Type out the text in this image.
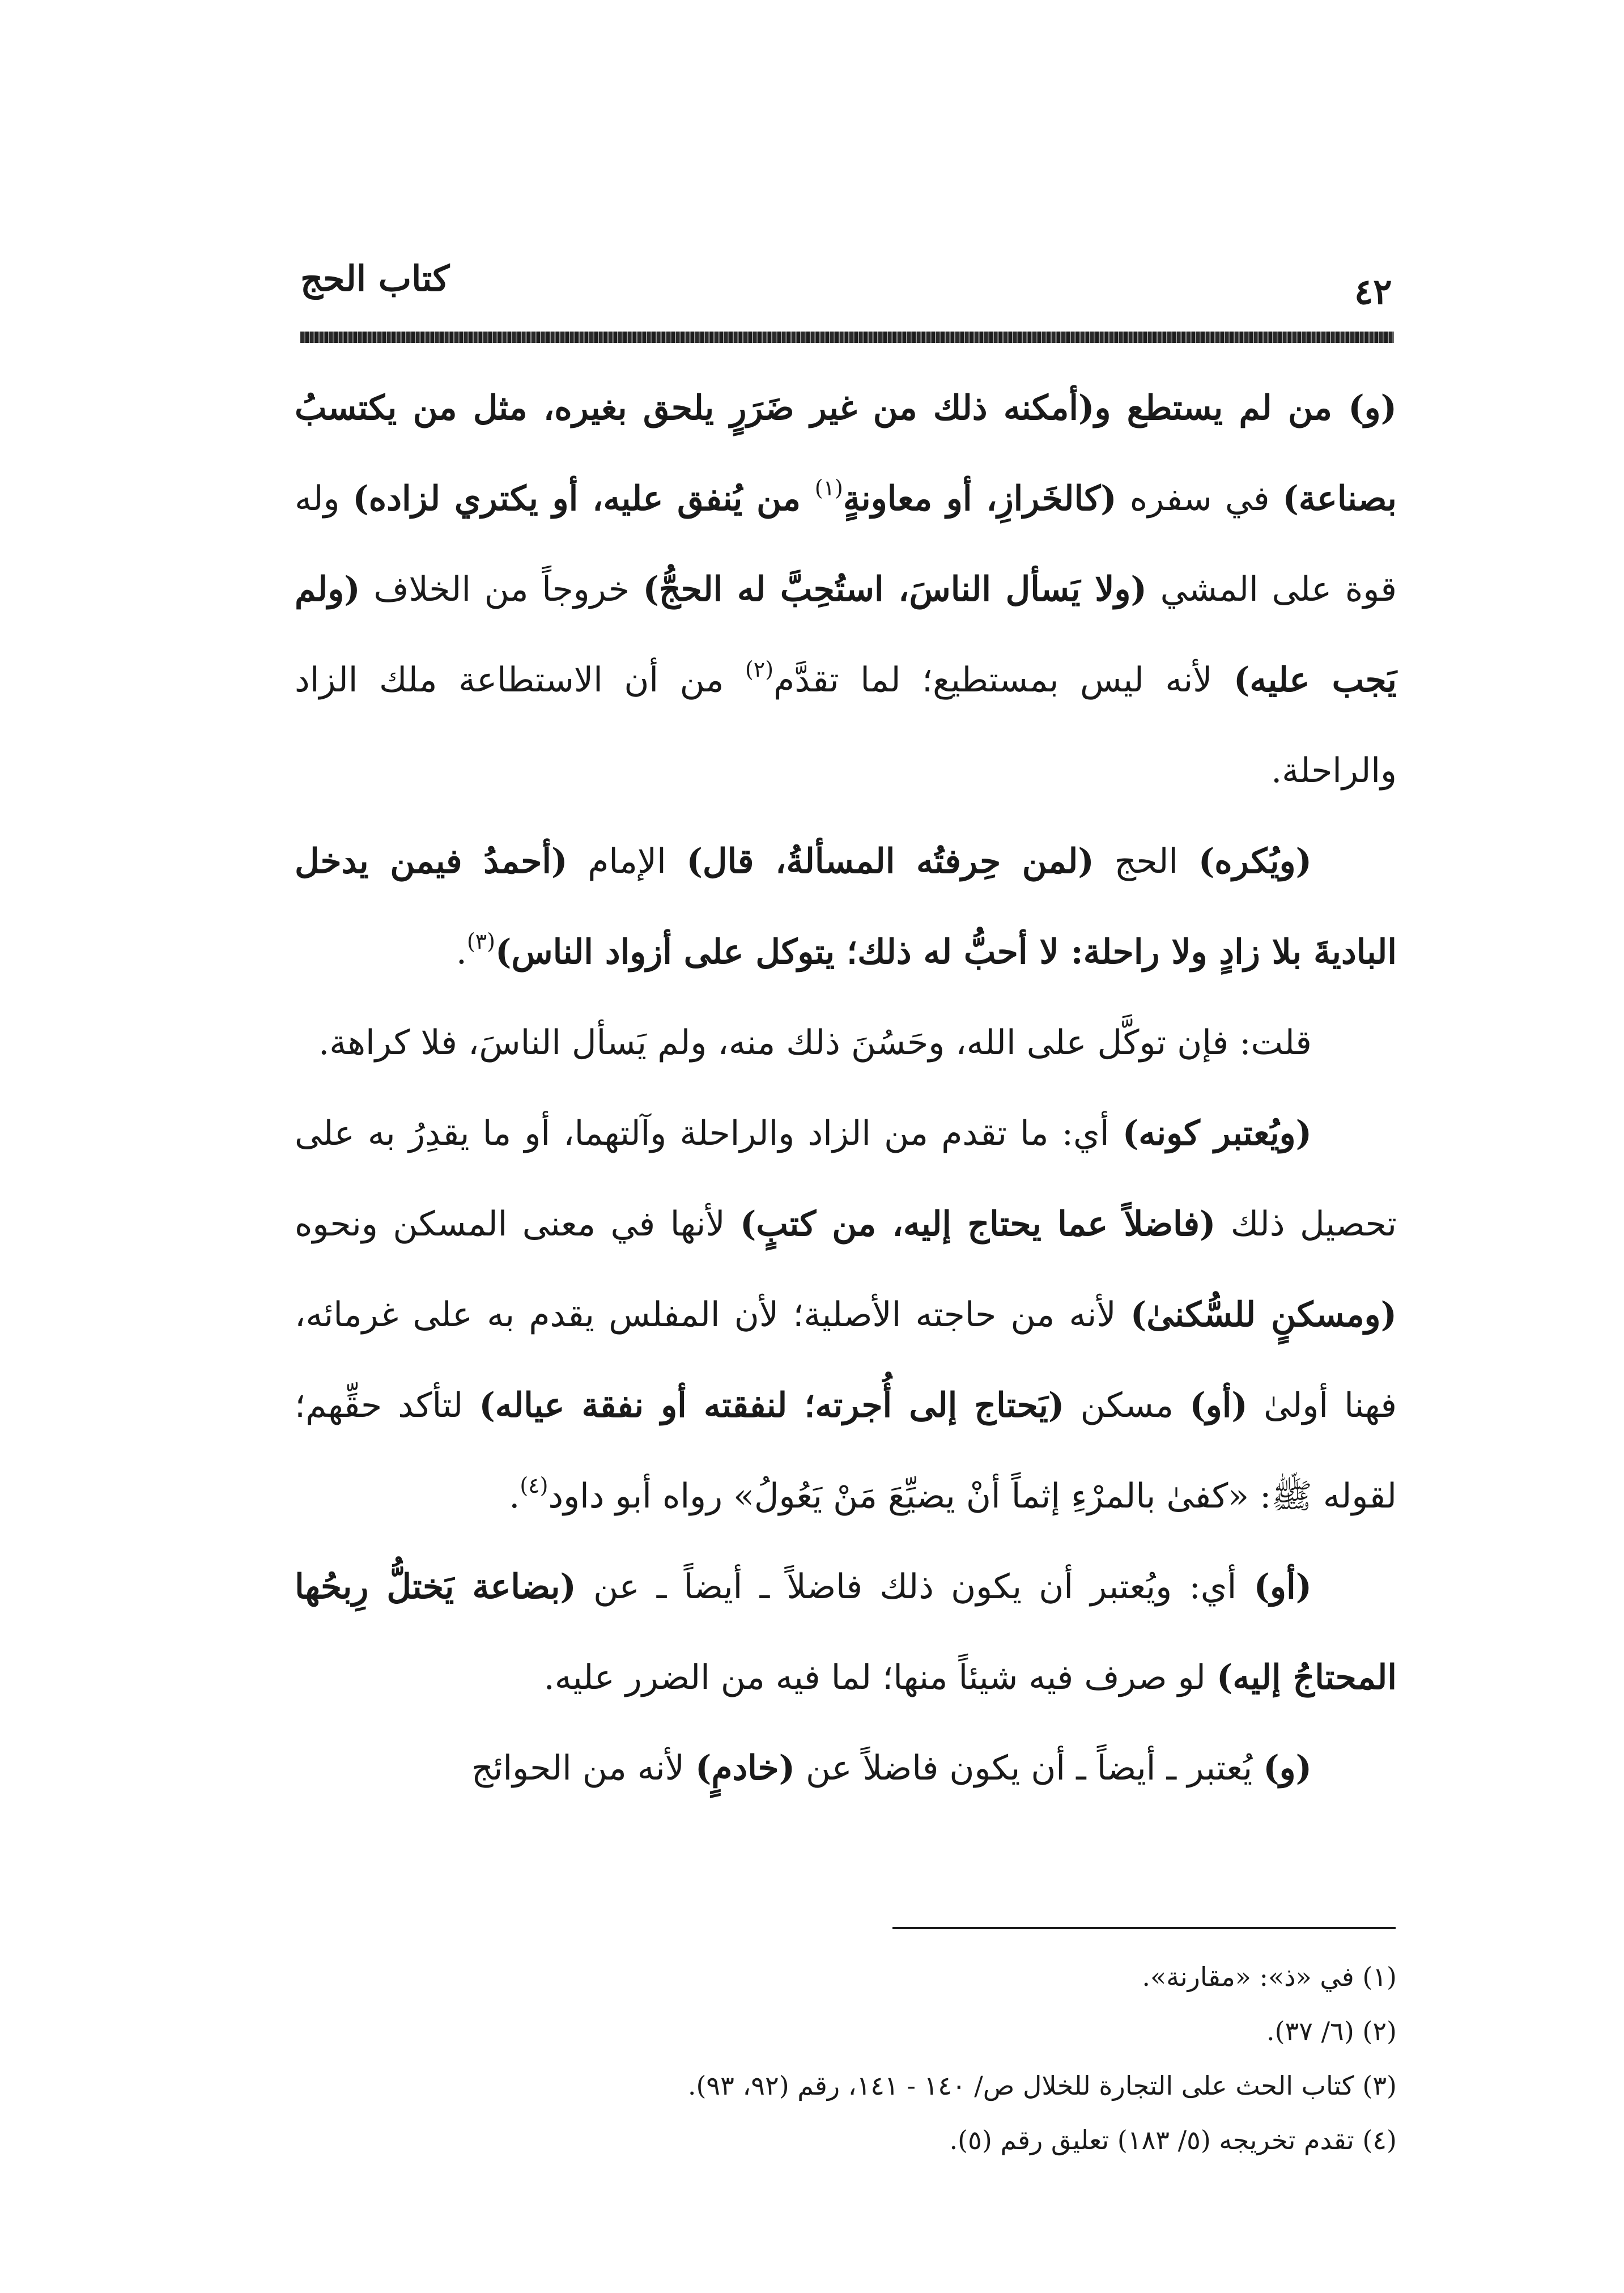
كتاب الحج	٤٢

(و) من لم يستطع و(أمكنه ذلك من غير ضَرَرٍ يلحق بغيره، مثل من يكتسبُ بصناعة) في سفره (كالخَرازِ، أو معاونةٍ$^{(١)}$ من يُنفق عليه، أو يكتري لزاده) وله قوة على المشي (ولا يَسأل الناسَ، استُحِبَّ له الحجُّ) خروجاً من الخلاف (ولم يَجب عليه) لأنه ليس بمستطيع؛ لما تقدَّم$^{(٢)}$ من أن الاستطاعة ملك الزاد والراحلة.

(ويُكره) الحج (لمن حِرفتُه المسألةُ، قال) الإمام (أحمدُ فيمن يدخل الباديةَ بلا زادٍ ولا راحلة: لا أحبُّ له ذلك؛ يتوكل على أزواد الناس)$^{(٣)}$.

قلت: فإن توكَّل على الله، وحَسُنَ ذلك منه، ولم يَسأل الناسَ، فلا كراهة.

(ويُعتبر كونه) أي: ما تقدم من الزاد والراحلة وآلتهما، أو ما يقدِرُ به على تحصيل ذلك (فاضلاً عما يحتاج إليه، من كتبٍ) لأنها في معنى المسكن ونحوه (ومسكنٍ للسُّكنىٰ) لأنه من حاجته الأصلية؛ لأن المفلس يقدم به على غرمائه، فهنا أولىٰ (أو) مسكن (يَحتاج إلى أُجرته؛ لنفقته أو نفقة عياله) لتأكد حقِّهم؛ لقوله ﷺ: «كفىٰ بالمرْءِ إثماً أنْ يضيِّعَ مَنْ يَعُولُ» رواه أبو داود$^{(٤)}$.

(أو) أي: ويُعتبر أن يكون ذلك فاضلاً ـ أيضاً ـ عن (بضاعة يَختلُّ رِبحُها المحتاجُ إليه) لو صرف فيه شيئاً منها؛ لما فيه من الضرر عليه.

(و) يُعتبر ـ أيضاً ـ أن يكون فاضلاً عن (خادمٍ) لأنه من الحوائج

(١) في «ذ»: «مقارنة».
(٢) (٦/ ٣٧).
(٣) كتاب الحث على التجارة للخلال ص/ ١٤٠ - ١٤١، رقم (٩٢، ٩٣).
(٤) تقدم تخريجه (٥/ ١٨٣) تعليق رقم (٥).
